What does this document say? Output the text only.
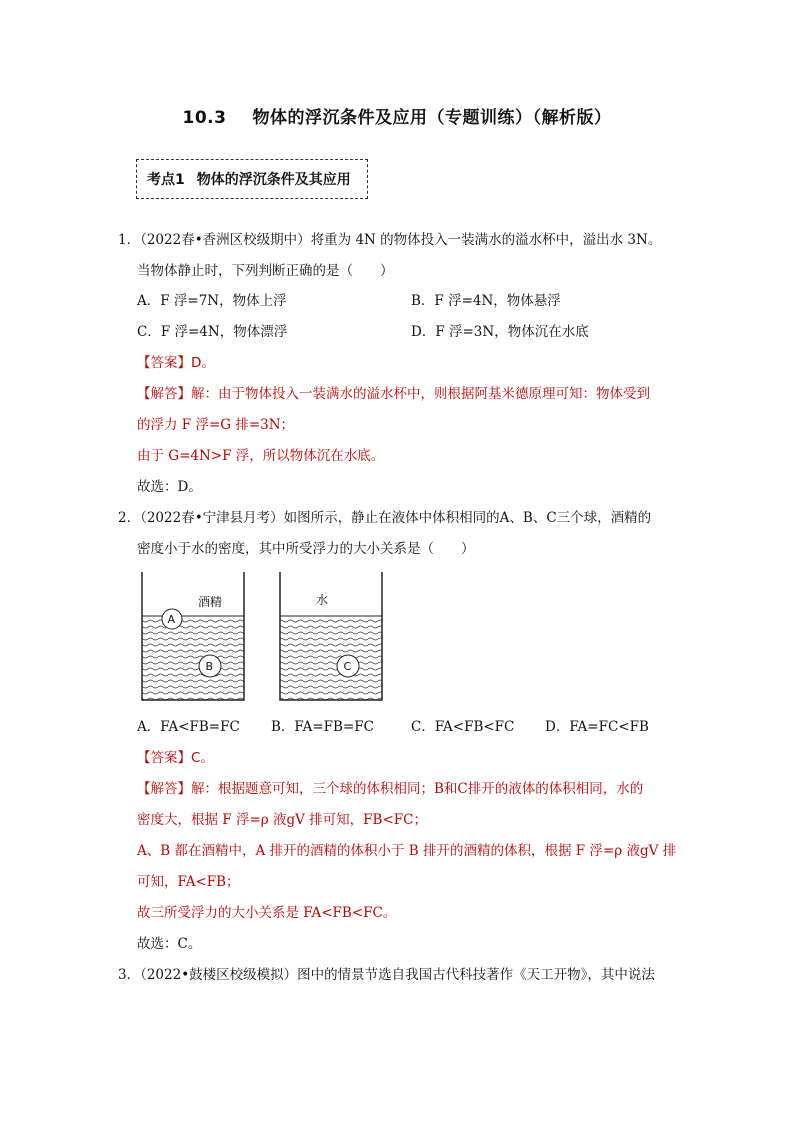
10.3 物体的浮沉条件及应用（专题训练）（解析版）
考点1 物体的浮沉条件及其应用
1．（2022春•香洲区校级期中）将重为 4N 的物体投入一装满水的溢水杯中，溢出水 3N。
当物体静止时，下列判断正确的是（　　）
A．F 浮=7N，物体上浮	B．F 浮=4N，物体悬浮
C．F 浮=4N，物体漂浮	D．F 浮=3N，物体沉在水底
【答案】D。
【解答】解：由于物体投入一装满水的溢水杯中，则根据阿基米德原理可知：物体受到
的浮力 F 浮=G 排=3N；
由于 G=4N>F 浮，所以物体沉在水底。
故选：D。
2．（2022春•宁津县月考）如图所示，静止在液体中体积相同的A、B、C三个球，酒精的
密度小于水的密度，其中所受浮力的大小关系是（　　）
酒精
A
B
水
C
A．FA<FB=FC B．FA=FB=FC	C．FA<FB<FC D．FA=FC<FB
【答案】C。
【解答】解：根据题意可知，三个球的体积相同；B和C排开的液体的体积相同，水的
密度大，根据 F 浮=ρ 液gV 排可知，FB<FC；
A、B 都在酒精中，A 排开的酒精的体积小于 B 排开的酒精的体积，根据 F 浮=ρ 液gV 排
可知，FA<FB；
故三所受浮力的大小关系是 FA<FB<FC。
故选：C。
3．（2022•鼓楼区校级模拟）图中的情景节选自我国古代科技著作《天工开物》，其中说法
